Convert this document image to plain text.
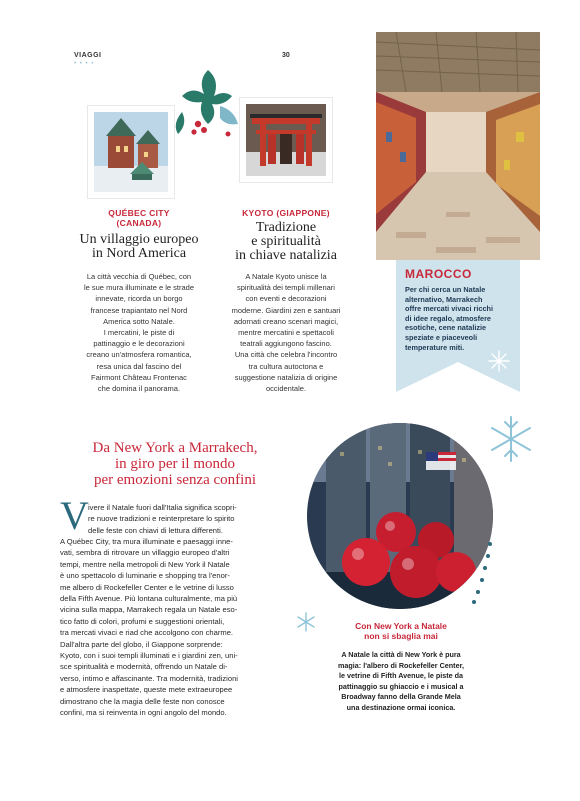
VIAGGI
• • • •
30
QUÉBEC CITY
(CANADA)
Un villaggio europeo
in Nord America
La città vecchia di Québec, con
le sue mura illuminate e le strade
innevate, ricorda un borgo
francese trapiantato nel Nord
America sotto Natale.
I mercatini, le piste di
pattinaggio e le decorazioni
creano un'atmosfera romantica,
resa unica dal fascino del
Fairmont Château Frontenac
che domina il panorama.
KYOTO (GIAPPONE)
Tradizione
e spiritualità
in chiave natalizia
A Natale Kyoto unisce la
spiritualità dei templi millenari
con eventi e decorazioni
moderne. Giardini zen e santuari
adornati creano scenari magici,
mentre mercatini e spettacoli
teatrali aggiungono fascino.
Una città che celebra l'incontro
tra cultura autoctona e
suggestione natalizia di origine
occidentale.
MAROCCO
Per chi cerca un Natale
alternativo, Marrakech
offre mercati vivaci ricchi
di idee regalo, atmosfere
esotiche, cene natalizie
speziate e piaceveoli
temperature miti.
Da New York a Marrakech,
in giro per il mondo
per emozioni senza confini
V ivere il Natale fuori dall'Italia significa scopri-
re nuove tradizioni e reinterpretare lo spirito
delle feste con chiavi di lettura differenti.
A Québec City, tra mura illuminate e paesaggi inne-
vati, sembra di ritrovare un villaggio europeo d'altri
tempi, mentre nella metropoli di New York il Natale
è uno spettacolo di luminarie e shopping tra l'enor-
me albero di Rockefeller Center e le vetrine di lusso
della Fifth Avenue. Più lontana culturalmente, ma più
vicina sulla mappa, Marrakech regala un Natale eso-
tico fatto di colori, profumi e suggestioni orientali,
tra mercati vivaci e riad che accolgono con charme.
Dall'altra parte del globo, il Giappone sorprende:
Kyoto, con i suoi templi illuminati e i giardini zen, uni-
sce spiritualità e modernità, offrendo un Natale di-
verso, intimo e affascinante. Tra modernità, tradizioni
e atmosfere inaspettate, queste mete extraeuropee
dimostrano che la magia delle feste non conosce
confini, ma si reinventa in ogni angolo del mondo.
Con New York a Natale
non si sbaglia mai
A Natale la città di New York è pura
magia: l'albero di Rockefeller Center,
le vetrine di Fifth Avenue, le piste da
pattinaggio su ghiaccio e i musical a
Broadway fanno della Grande Mela
una destinazione ormai iconica.
